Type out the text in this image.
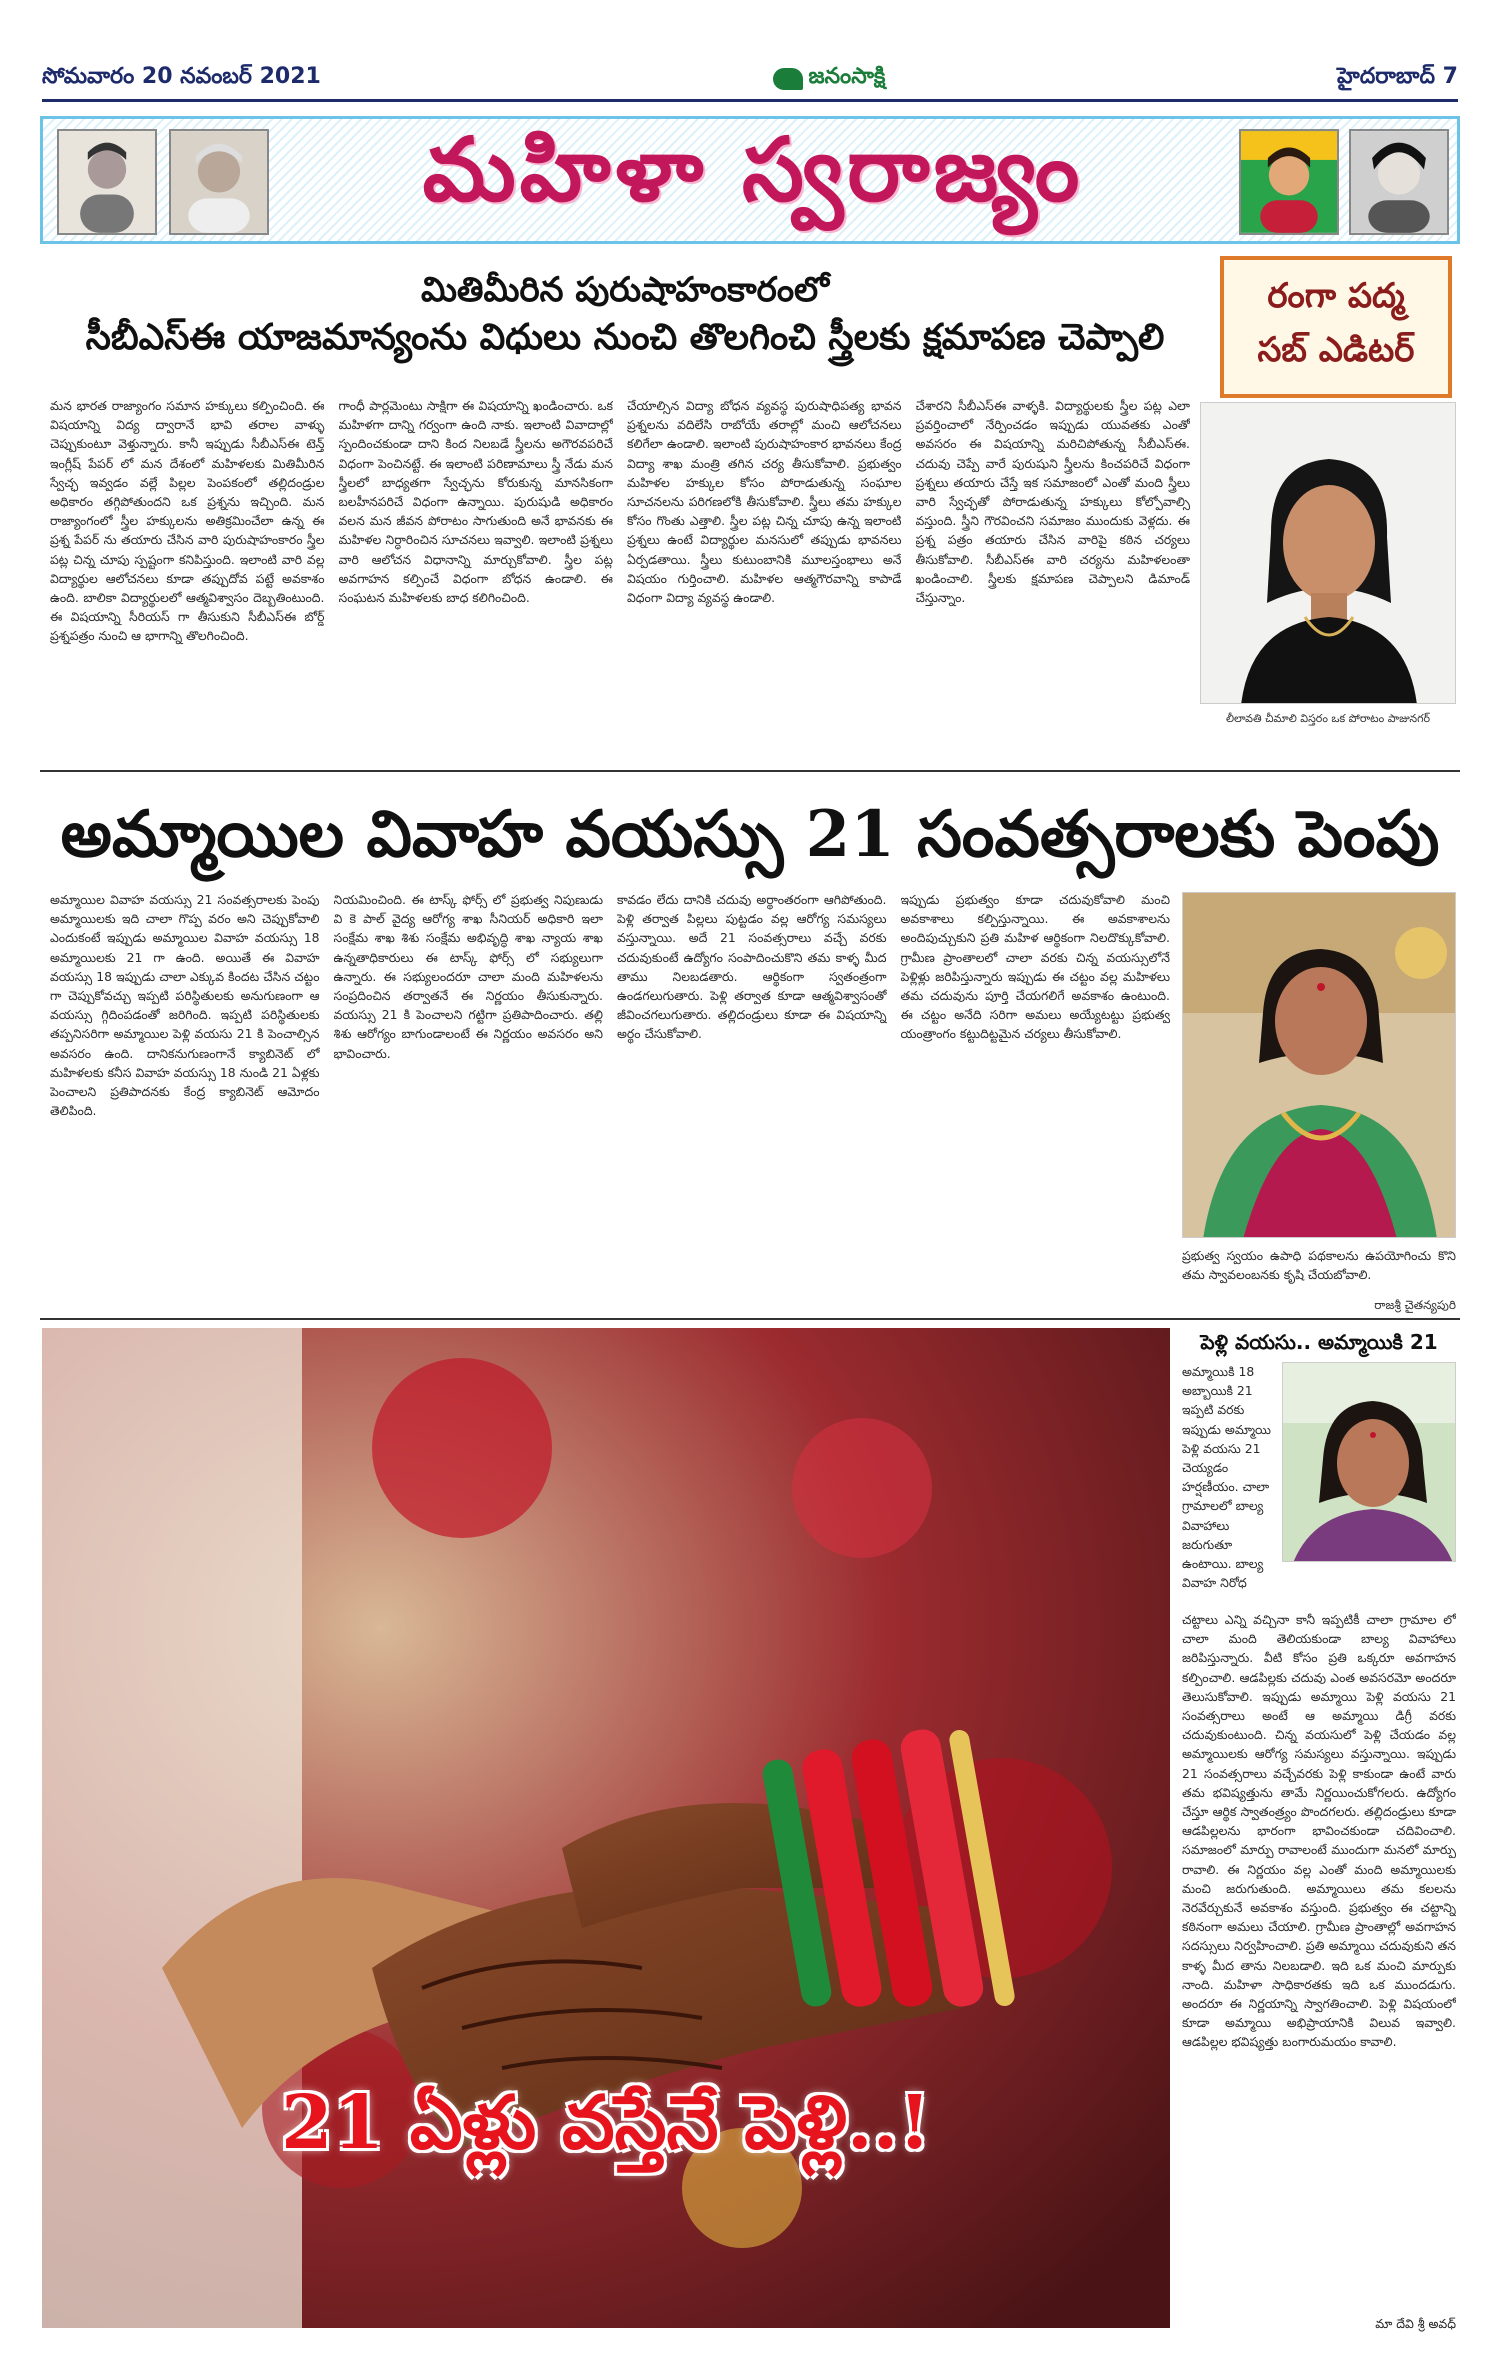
సోమవారం 20 నవంబర్ 2021	జనంసాక్షి	హైదరాబాద్ 7
మహిళా స్వరాజ్యం
మితిమీరిన పురుషాహంకారంలో
సీబీఎస్ఈ యాజమాన్యంను విధులు నుంచి తొలగించి స్త్రీలకు క్షమాపణ చెప్పాలి
రంగా పద్మ
సబ్ ఎడిటర్
మన భారత రాజ్యాంగం సమాన హక్కులు కల్పించింది. ఈ విషయాన్ని విద్య ద్వారానే భావి తరాల వాళ్ళు చెప్పుకుంటూ వెళ్తున్నారు. కానీ ఇప్పుడు సీబీఎస్ఈ టెన్త్ ఇంగ్లీష్ పేపర్ లో మన దేశంలో మహిళలకు మితిమీరిన స్వేచ్ఛ ఇవ్వడం వల్లే పిల్లల పెంపకంలో తల్లిదండ్రుల అధికారం తగ్గిపోతుందని ఒక ప్రశ్నను ఇచ్చింది. మన రాజ్యాంగంలో స్త్రీల హక్కులను అతిక్రమించేలా ఉన్న ఈ ప్రశ్న పేపర్ ను తయారు చేసిన వారి పురుషాహంకారం స్త్రీల పట్ల చిన్న చూపు స్పష్టంగా కనిపిస్తుంది. ఇలాంటి వారి వల్ల విద్యార్థుల ఆలోచనలు కూడా తప్పుదోవ పట్టే అవకాశం ఉంది. బాలికా విద్యార్థులలో ఆత్మవిశ్వాసం దెబ్బతింటుంది. ఈ విషయాన్ని సీరియస్ గా తీసుకుని సీబీఎస్ఈ బోర్డ్ ప్రశ్నపత్రం నుంచి ఆ భాగాన్ని తొలగించింది.
గాంధీ పార్లమెంటు సాక్షిగా ఈ విషయాన్ని ఖండించారు. ఒక మహిళగా దాన్ని గర్వంగా ఉంది నాకు. ఇలాంటి వివాదాల్లో స్పందించకుండా దాని కింద నిలబడే స్త్రీలను అగౌరవపరిచే విధంగా పెంచినట్టే. ఈ ఇలాంటి పరిణామాలు స్త్రీ నేడు మన స్త్రీలలో బాధ్యతగా స్వేచ్ఛను కోరుకున్న మానసికంగా బలహీనపరిచే విధంగా ఉన్నాయి. పురుషుడి అధికారం వలన మన జీవన పోరాటం సాగుతుంది అనే భావనకు ఈ మహిళల నిర్ధారించిన సూచనలు ఇవ్వాలి. ఇలాంటి ప్రశ్నలు వారి ఆలోచన విధానాన్ని మార్చుకోవాలి. స్త్రీల పట్ల అవగాహన కల్పించే విధంగా బోధన ఉండాలి. ఈ సంఘటన మహిళలకు బాధ కలిగించింది.
చేయాల్సిన విద్యా బోధన వ్యవస్థ పురుషాధిపత్య భావన ప్రశ్నలను వదిలేసి రాబోయే తరాల్లో మంచి ఆలోచనలు కలిగేలా ఉండాలి. ఇలాంటి పురుషాహంకార భావనలు కేంద్ర విద్యా శాఖ మంత్రి తగిన చర్య తీసుకోవాలి. ప్రభుత్వం మహిళల హక్కుల కోసం పోరాడుతున్న సంఘాల సూచనలను పరిగణలోకి తీసుకోవాలి. స్త్రీలు తమ హక్కుల కోసం గొంతు ఎత్తాలి. స్త్రీల పట్ల చిన్న చూపు ఉన్న ఇలాంటి ప్రశ్నలు ఉంటే విద్యార్థుల మనసులో తప్పుడు భావనలు ఏర్పడతాయి. స్త్రీలు కుటుంబానికి మూలస్తంభాలు అనే విషయం గుర్తించాలి. మహిళల ఆత్మగౌరవాన్ని కాపాడే విధంగా విద్యా వ్యవస్థ ఉండాలి.
చేశారని సీబీఎస్ఈ వాళ్ళకి. విద్యార్థులకు స్త్రీల పట్ల ఎలా ప్రవర్తించాలో నేర్పించడం ఇప్పుడు యువతకు ఎంతో అవసరం ఈ విషయాన్ని మరిచిపోతున్న సీబీఎస్ఈ. చదువు చెప్పే వారే పురుషుని స్త్రీలను కించపరిచే విధంగా ప్రశ్నలు తయారు చేస్తే ఇక సమాజంలో ఎంతో మంది స్త్రీలు వారి స్వేచ్ఛతో పోరాడుతున్న హక్కులు కోల్పోవాల్సి వస్తుంది. స్త్రీని గౌరవించని సమాజం ముందుకు వెళ్లదు. ఈ ప్రశ్న పత్రం తయారు చేసిన వారిపై కఠిన చర్యలు తీసుకోవాలి. సీబీఎస్ఈ వారి చర్యను మహిళలంతా ఖండించాలి. స్త్రీలకు క్షమాపణ చెప్పాలని డిమాండ్ చేస్తున్నాం.
లీలావతి చీమాలి విస్తరం ఒక పోరాటం పాజునగర్
అమ్మాయిల వివాహ వయస్సు 21 సంవత్సరాలకు పెంపు
అమ్మాయిల వివాహ వయస్సు 21 సంవత్సరాలకు పెంపు అమ్మాయిలకు ఇది చాలా గొప్ప వరం అని చెప్పుకోవాలి ఎందుకంటే ఇప్పుడు అమ్మాయిల వివాహ వయస్సు 18 అమ్మాయిలకు 21 గా ఉంది. అయితే ఈ వివాహ వయస్సు 18 ఇప్పుడు చాలా ఎక్కువ కిందట చేసిన చట్టం గా చెప్పుకోవచ్చు ఇప్పటి పరిస్థితులకు అనుగుణంగా ఆ వయస్సు గ్గిదింపడంతో జరిగింది. ఇప్పటి పరిస్థితులకు తప్పనిసరిగా అమ్మాయిల పెళ్లి వయసు 21 కి పెంచాల్సిన అవసరం ఉంది. దానికనుగుణంగానే క్యాబినెట్ లో మహిళలకు కనీస వివాహ వయస్సు 18 నుండి 21 ఏళ్లకు పెంచాలని ప్రతిపాదనకు కేంద్ర క్యాబినెట్ ఆమోదం తెలిపింది.
నియమించింది. ఈ టాస్క్ ఫోర్స్ లో ప్రభుత్వ నిపుణుడు వి కె పాల్ వైద్య ఆరోగ్య శాఖ సీనియర్ అధికారి ఇలా సంక్షేమ శాఖ శిశు సంక్షేమ అభివృద్ధి శాఖ న్యాయ శాఖ ఉన్నతాధికారులు ఈ టాస్క్ ఫోర్స్ లో సభ్యులుగా ఉన్నారు. ఈ సభ్యులందరూ చాలా మంది మహిళలను సంప్రదించిన తర్వాతనే ఈ నిర్ణయం తీసుకున్నారు. వయస్సు 21 కి పెంచాలని గట్టిగా ప్రతిపాదించారు. తల్లి శిశు ఆరోగ్యం బాగుండాలంటే ఈ నిర్ణయం అవసరం అని భావించారు.
కావడం లేదు దానికి చదువు అర్థాంతరంగా ఆగిపోతుంది. పెళ్లి తర్వాత పిల్లలు పుట్టడం వల్ల ఆరోగ్య సమస్యలు వస్తున్నాయి. అదే 21 సంవత్సరాలు వచ్చే వరకు చదువుకుంటే ఉద్యోగం సంపాదించుకొని తమ కాళ్ళ మీద తాము నిలబడతారు. ఆర్థికంగా స్వతంత్రంగా ఉండగలుగుతారు. పెళ్లి తర్వాత కూడా ఆత్మవిశ్వాసంతో జీవించగలుగుతారు. తల్లిదండ్రులు కూడా ఈ విషయాన్ని అర్థం చేసుకోవాలి.
ఇప్పుడు ప్రభుత్వం కూడా చదువుకోవాలి మంచి అవకాశాలు కల్పిస్తున్నాయి. ఈ అవకాశాలను అందిపుచ్చుకుని ప్రతి మహిళ ఆర్థికంగా నిలదొక్కుకోవాలి. గ్రామీణ ప్రాంతాలలో చాలా వరకు చిన్న వయస్సులోనే పెళ్లిళ్లు జరిపిస్తున్నారు ఇప్పుడు ఈ చట్టం వల్ల మహిళలు తమ చదువును పూర్తి చేయగలిగే అవకాశం ఉంటుంది. ఈ చట్టం అనేది సరిగా అమలు అయ్యేటట్టు ప్రభుత్వ యంత్రాంగం కట్టుదిట్టమైన చర్యలు తీసుకోవాలి.
ప్రభుత్వ స్వయం ఉపాధి పథకాలను ఉపయోగించు కొని తమ స్వావలంబనకు కృషి చేయబోవాలి.
రాజశ్రీ చైతన్యపురి
21 ఏళ్లు వస్తేనే పెళ్లి..!
పెళ్లి వయసు.. అమ్మాయికి 21
అమ్మాయికి 18 అబ్బాయికి 21 ఇప్పటి వరకు ఇప్పుడు అమ్మాయి పెళ్లి వయసు 21 చెయ్యడం హర్షణీయం. చాలా గ్రామాలలో బాల్య వివాహాలు జరుగుతూ ఉంటాయి. బాల్య వివాహ నిరోధ
చట్టాలు ఎన్ని వచ్చినా కానీ ఇప్పటికీ చాలా గ్రామాల లో చాలా మంది తెలియకుండా బాల్య వివాహాలు జరిపిస్తున్నారు. వీటి కోసం ప్రతి ఒక్కరూ అవగాహన కల్పించాలి. ఆడపిల్లకు చదువు ఎంత అవసరమో అందరూ తెలుసుకోవాలి. ఇప్పుడు అమ్మాయి పెళ్లి వయసు 21 సంవత్సరాలు అంటే ఆ అమ్మాయి డిగ్రీ వరకు చదువుకుంటుంది. చిన్న వయసులో పెళ్లి చేయడం వల్ల అమ్మాయిలకు ఆరోగ్య సమస్యలు వస్తున్నాయి. ఇప్పుడు 21 సంవత్సరాలు వచ్చేవరకు పెళ్లి కాకుండా ఉంటే వారు తమ భవిష్యత్తును తామే నిర్ణయించుకోగలరు. ఉద్యోగం చేస్తూ ఆర్థిక స్వాతంత్ర్యం పొందగలరు. తల్లిదండ్రులు కూడా ఆడపిల్లలను భారంగా భావించకుండా చదివించాలి. సమాజంలో మార్పు రావాలంటే ముందుగా మనలో మార్పు రావాలి. ఈ నిర్ణయం వల్ల ఎంతో మంది అమ్మాయిలకు మంచి జరుగుతుంది. అమ్మాయిలు తమ కలలను నెరవేర్చుకునే అవకాశం వస్తుంది. ప్రభుత్వం ఈ చట్టాన్ని కఠినంగా అమలు చేయాలి. గ్రామీణ ప్రాంతాల్లో అవగాహన సదస్సులు నిర్వహించాలి. ప్రతి అమ్మాయి చదువుకుని తన కాళ్ళ మీద తాను నిలబడాలి. ఇది ఒక మంచి మార్పుకు నాంది. మహిళా సాధికారతకు ఇది ఒక ముందడుగు. అందరూ ఈ నిర్ణయాన్ని స్వాగతించాలి. పెళ్లి విషయంలో కూడా అమ్మాయి అభిప్రాయానికి విలువ ఇవ్వాలి. ఆడపిల్లల భవిష్యత్తు బంగారుమయం కావాలి.
మా దేవి శ్రీ అవధ్
